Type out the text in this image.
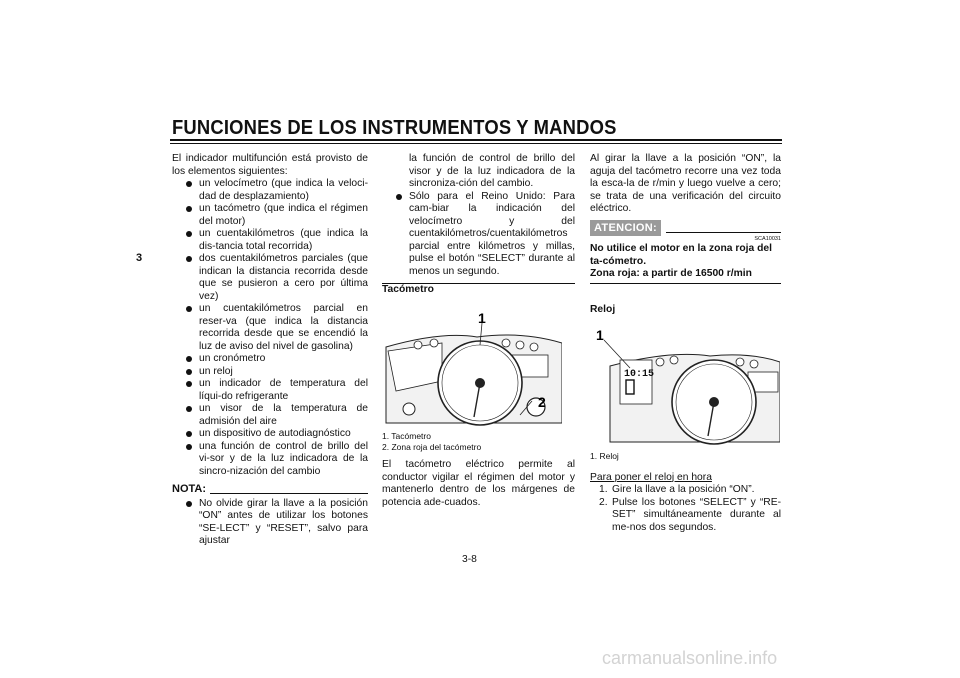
FUNCIONES DE LOS INSTRUMENTOS Y MANDOS
3

El indicador multifunción está provisto de los elementos siguientes:

un velocímetro (que indica la veloci-dad de desplazamiento)

un tacómetro (que indica el régimen del motor)

un cuentakilómetros (que indica la dis-tancia total recorrida)

dos cuentakilómetros parciales (que indican la distancia recorrida desde que se pusieron a cero por última vez)

un cuentakilómetros parcial en reser-va (que indica la distancia recorrida desde que se encendió la luz de aviso del nivel de gasolina)

un cronómetro

un reloj

un indicador de temperatura del líqui-do refrigerante

un visor de la temperatura de admisión del aire

un dispositivo de autodiagnóstico

una función de control de brillo del vi-sor y de la luz indicadora de la sincro-nización del cambio

NOTA:

No olvide girar la llave a la posición “ON” antes de utilizar los botones “SE-LECT” y “RESET”, salvo para ajustar

la función de control de brillo del visor y de la luz indicadora de la sincroniza-ción del cambio.

Sólo para el Reino Unido: Para cam-biar la indicación del velocímetro y del cuentakilómetros/cuentakilómetros parcial entre kilómetros y millas, pulse el botón “SELECT” durante al menos un segundo.

Tacómetro

1
2

1. Tacómetro

2. Zona roja del tacómetro

El tacómetro eléctrico permite al conductor vigilar el régimen del motor y mantenerlo dentro de los márgenes de potencia ade-cuados.

Al girar la llave a la posición “ON”, la aguja del tacómetro recorre una vez toda la esca-la de r/min y luego vuelve a cero; se trata de una verificación del circuito eléctrico.

ATENCION:

SCA10031

No utilice el motor en la zona roja del ta-cómetro.

Zona roja: a partir de 16500 r/min

Reloj

10:15
1

1. Reloj

Para poner el reloj en hora

1. Gire la llave a la posición “ON”.

2. Pulse los botones “SELECT” y “RE-SET” simultáneamente durante al me-nos dos segundos.

3-8
carmanualsonline.info
